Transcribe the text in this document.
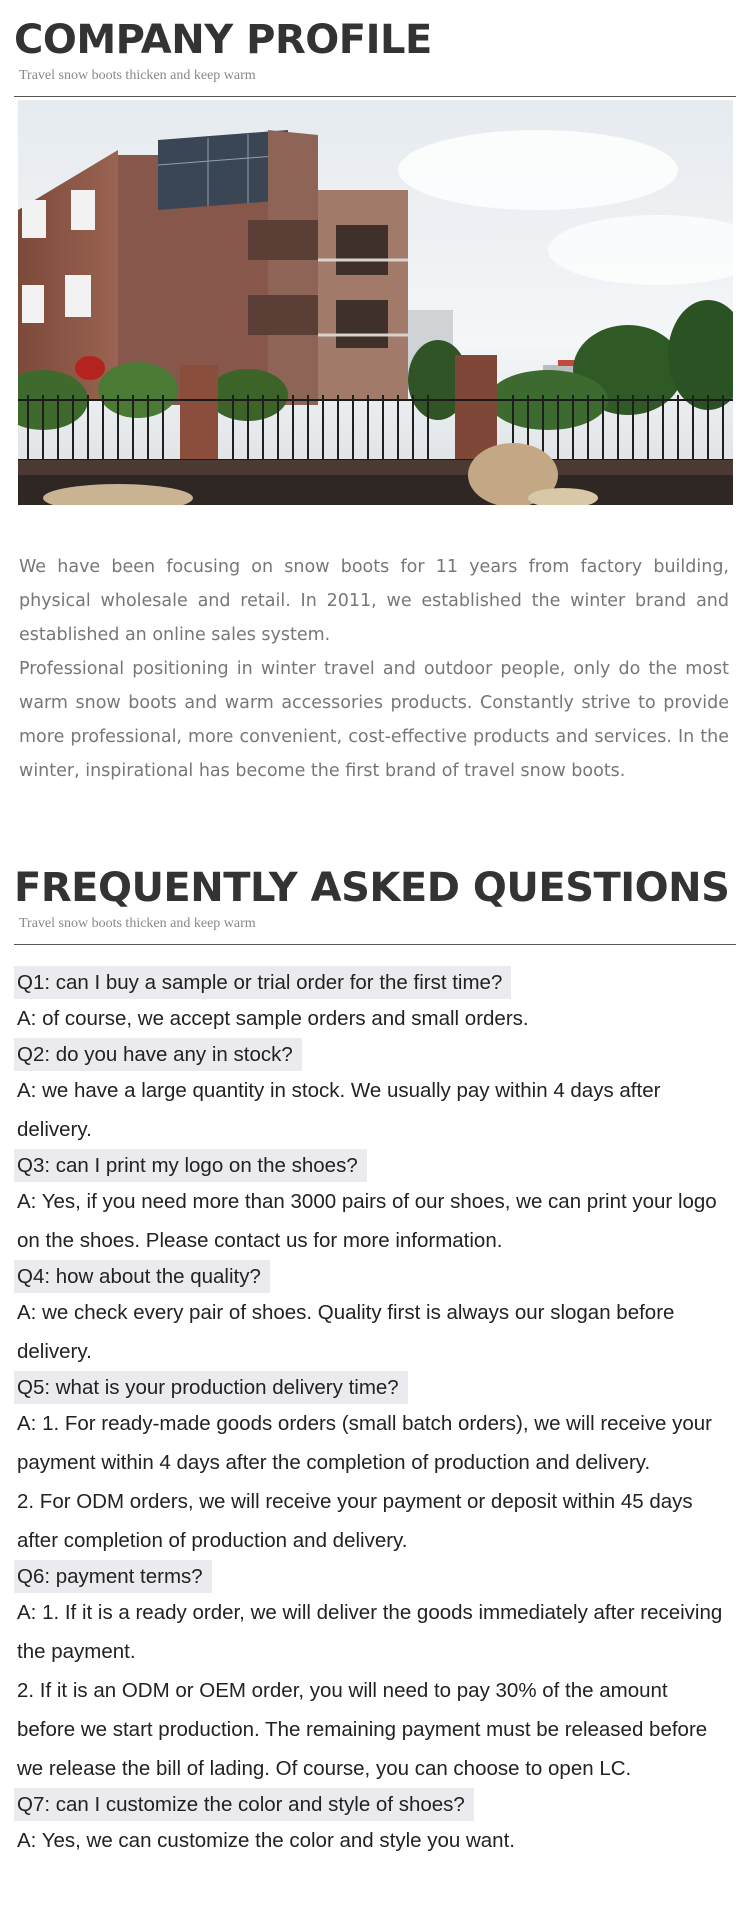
COMPANY PROFILE
Travel snow boots thicken and keep warm

We have been focusing on snow boots for 11 years from factory building, physical wholesale and retail. In 2011, we established the winter brand and established an online sales system.

Professional positioning in winter travel and outdoor people, only do the most warm snow boots and warm accessories products. Constantly strive to provide more professional, more convenient, cost-effective products and services. In the winter, inspirational has become the first brand of travel snow boots.

FREQUENTLY ASKED QUESTIONS
Travel snow boots thicken and keep warm
Q1: can I buy a sample or trial order for the first time?

A: of course, we accept sample orders and small orders.

Q2: do you have any in stock?

A: we have a large quantity in stock. We usually pay within 4 days after delivery.

Q3: can I print my logo on the shoes?

A: Yes, if you need more than 3000 pairs of our shoes, we can print your logo on the shoes. Please contact us for more information.

Q4: how about the quality?

A: we check every pair of shoes. Quality first is always our slogan before delivery.

Q5: what is your production delivery time?

A: 1. For ready-made goods orders (small batch orders), we will receive your payment within 4 days after the completion of production and delivery.

2. For ODM orders, we will receive your payment or deposit within 45 days after completion of production and delivery.

Q6: payment terms?

A: 1. If it is a ready order, we will deliver the goods immediately after receiving the payment.

2. If it is an ODM or OEM order, you will need to pay 30% of the amount before we start production. The remaining payment must be released before we release the bill of lading. Of course, you can choose to open LC.

Q7: can I customize the color and style of shoes?

A: Yes, we can customize the color and style you want.
